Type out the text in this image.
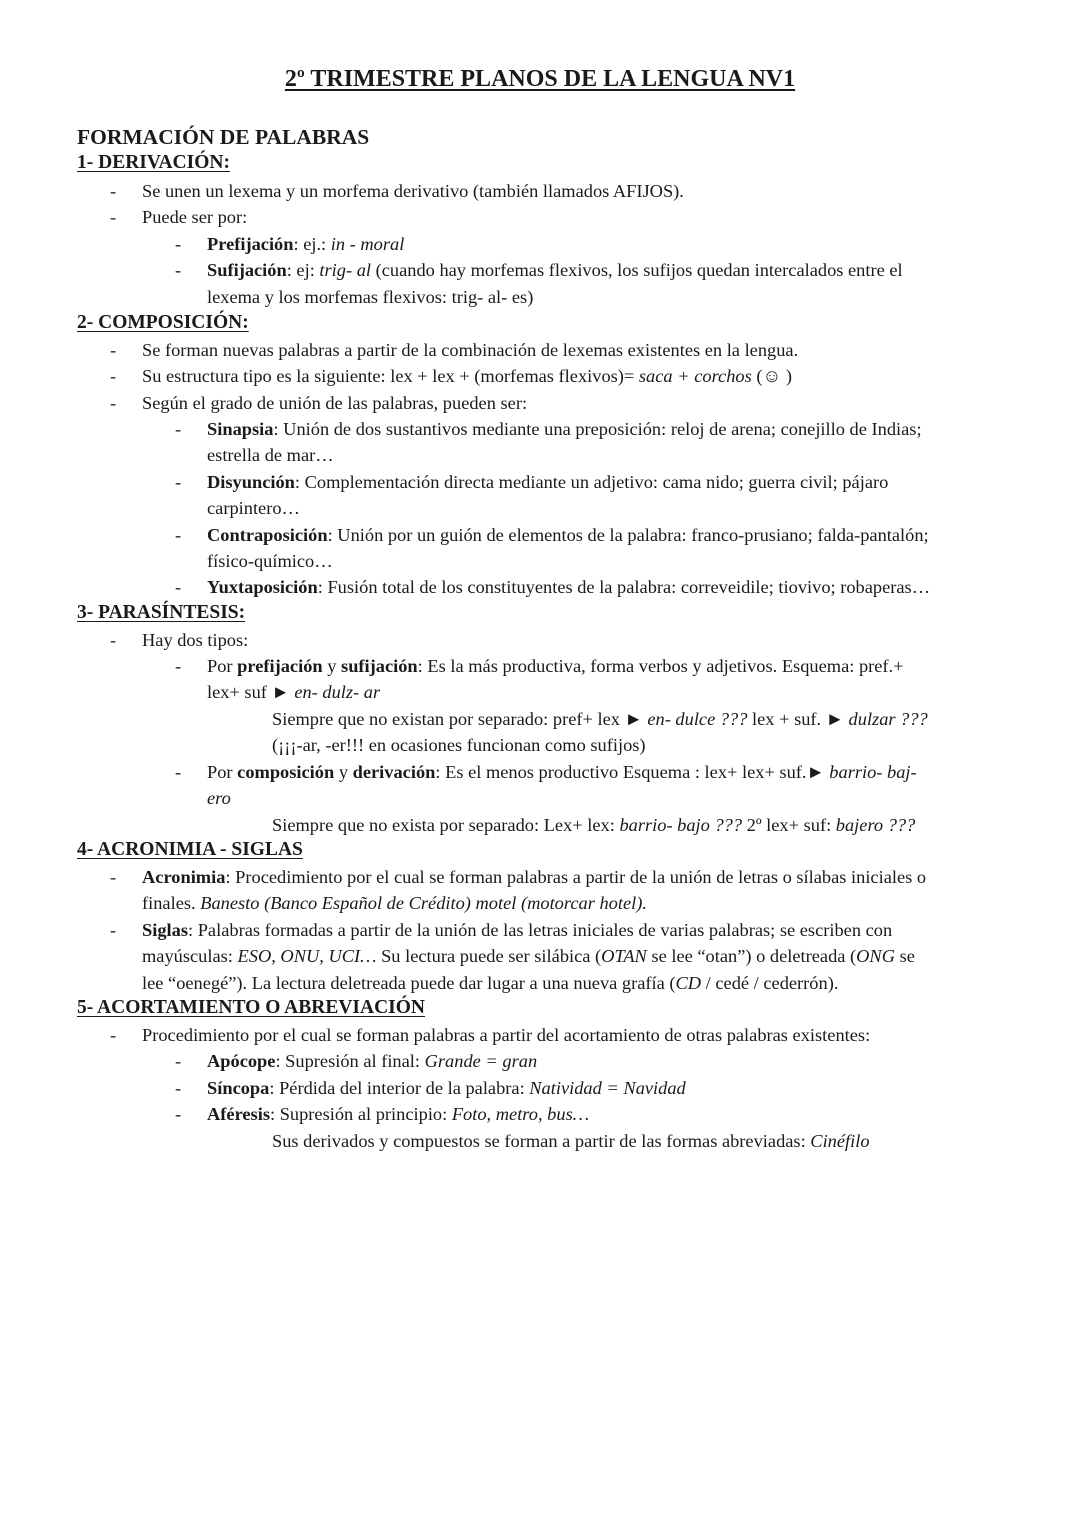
2º TRIMESTRE PLANOS DE LA LENGUA NV1
FORMACIÓN DE PALABRAS
1- DERIVACIÓN:
- Se unen un lexema y un morfema derivativo (también llamados AFIJOS).
- Puede ser por:
- Prefijación: ej.: in - moral
- Sufijación: ej: trig- al (cuando hay morfemas flexivos, los sufijos quedan intercalados entre el
lexema y los morfemas flexivos: trig- al- es)
2- COMPOSICIÓN:
- Se forman nuevas palabras a partir de la combinación de lexemas existentes en la lengua.
- Su estructura tipo es la siguiente: lex + lex + (morfemas flexivos)= saca + corchos (☺ )
- Según el grado de unión de las palabras, pueden ser:
- Sinapsia: Unión de dos sustantivos mediante una preposición: reloj de arena; conejillo de Indias;
estrella de mar…
- Disyunción: Complementación directa mediante un adjetivo: cama nido; guerra civil; pájaro
carpintero…
- Contraposición: Unión por un guión de elementos de la palabra: franco-prusiano; falda-pantalón;
físico-químico…
- Yuxtaposición: Fusión total de los constituyentes de la palabra: correveidile; tiovivo; robaperas…
3- PARASÍNTESIS:
- Hay dos tipos:
- Por prefijación y sufijación: Es la más productiva, forma verbos y adjetivos. Esquema: pref.+
lex+ suf ► en- dulz- ar
Siempre que no existan por separado: pref+ lex ► en- dulce ??? lex + suf. ► dulzar ???
(¡¡¡-ar, -er!!! en ocasiones funcionan como sufijos)
- Por composición y derivación: Es el menos productivo Esquema : lex+ lex+ suf.► barrio- baj-
ero
Siempre que no exista por separado: Lex+ lex: barrio- bajo ??? 2º lex+ suf: bajero ???
4- ACRONIMIA - SIGLAS
- Acronimia: Procedimiento por el cual se forman palabras a partir de la unión de letras o sílabas iniciales o
finales. Banesto (Banco Español de Crédito) motel (motorcar hotel).
- Siglas: Palabras formadas a partir de la unión de las letras iniciales de varias palabras; se escriben con
mayúsculas: ESO, ONU, UCI… Su lectura puede ser silábica (OTAN se lee “otan”) o deletreada (ONG se
lee “oenegé”). La lectura deletreada puede dar lugar a una nueva grafía (CD / cedé / cederrón).
5- ACORTAMIENTO O ABREVIACIÓN
- Procedimiento por el cual se forman palabras a partir del acortamiento de otras palabras existentes:
- Apócope: Supresión al final: Grande = gran
- Síncopa: Pérdida del interior de la palabra: Natividad = Navidad
- Aféresis: Supresión al principio: Foto, metro, bus…
Sus derivados y compuestos se forman a partir de las formas abreviadas: Cinéfilo
